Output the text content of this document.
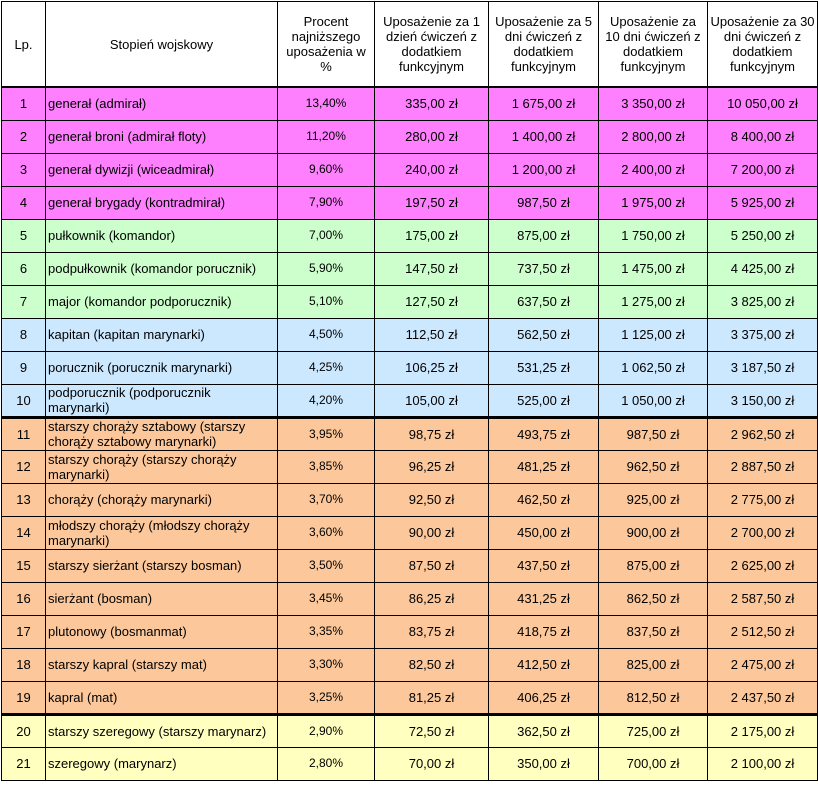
Lp.	Stopień wojskowy	Procent najniższego uposażenia w %	Uposażenie za 1 dzień ćwiczeń z dodatkiem funkcyjnym	Uposażenie za 5 dni ćwiczeń z dodatkiem funkcyjnym	Uposażenie za 10 dni ćwiczeń z dodatkiem funkcyjnym	Uposażenie za 30 dni ćwiczeń z dodatkiem funkcyjnym
1	generał (admirał)	13,40%	335,00 zł	1 675,00 zł	3 350,00 zł	10 050,00 zł
2	generał broni (admirał floty)	11,20%	280,00 zł	1 400,00 zł	2 800,00 zł	8 400,00 zł
3	generał dywizji (wiceadmirał)	9,60%	240,00 zł	1 200,00 zł	2 400,00 zł	7 200,00 zł
4	generał brygady (kontradmirał)	7,90%	197,50 zł	987,50 zł	1 975,00 zł	5 925,00 zł
5	pułkownik (komandor)	7,00%	175,00 zł	875,00 zł	1 750,00 zł	5 250,00 zł
6	podpułkownik (komandor porucznik)	5,90%	147,50 zł	737,50 zł	1 475,00 zł	4 425,00 zł
7	major (komandor podporucznik)	5,10%	127,50 zł	637,50 zł	1 275,00 zł	3 825,00 zł
8	kapitan (kapitan marynarki)	4,50%	112,50 zł	562,50 zł	1 125,00 zł	3 375,00 zł
9	porucznik (porucznik marynarki)	4,25%	106,25 zł	531,25 zł	1 062,50 zł	3 187,50 zł
10	podporucznik (podporucznik marynarki)	4,20%	105,00 zł	525,00 zł	1 050,00 zł	3 150,00 zł
11	starszy chorąży sztabowy (starszy chorąży sztabowy marynarki)	3,95%	98,75 zł	493,75 zł	987,50 zł	2 962,50 zł
12	starszy chorąży (starszy chorąży marynarki)	3,85%	96,25 zł	481,25 zł	962,50 zł	2 887,50 zł
13	chorąży (chorąży marynarki)	3,70%	92,50 zł	462,50 zł	925,00 zł	2 775,00 zł
14	młodszy chorąży (młodszy chorąży marynarki)	3,60%	90,00 zł	450,00 zł	900,00 zł	2 700,00 zł
15	starszy sierżant (starszy bosman)	3,50%	87,50 zł	437,50 zł	875,00 zł	2 625,00 zł
16	sierżant (bosman)	3,45%	86,25 zł	431,25 zł	862,50 zł	2 587,50 zł
17	plutonowy (bosmanmat)	3,35%	83,75 zł	418,75 zł	837,50 zł	2 512,50 zł
18	starszy kapral (starszy mat)	3,30%	82,50 zł	412,50 zł	825,00 zł	2 475,00 zł
19	kapral (mat)	3,25%	81,25 zł	406,25 zł	812,50 zł	2 437,50 zł
20	starszy szeregowy (starszy marynarz)	2,90%	72,50 zł	362,50 zł	725,00 zł	2 175,00 zł
21	szeregowy (marynarz)	2,80%	70,00 zł	350,00 zł	700,00 zł	2 100,00 zł
